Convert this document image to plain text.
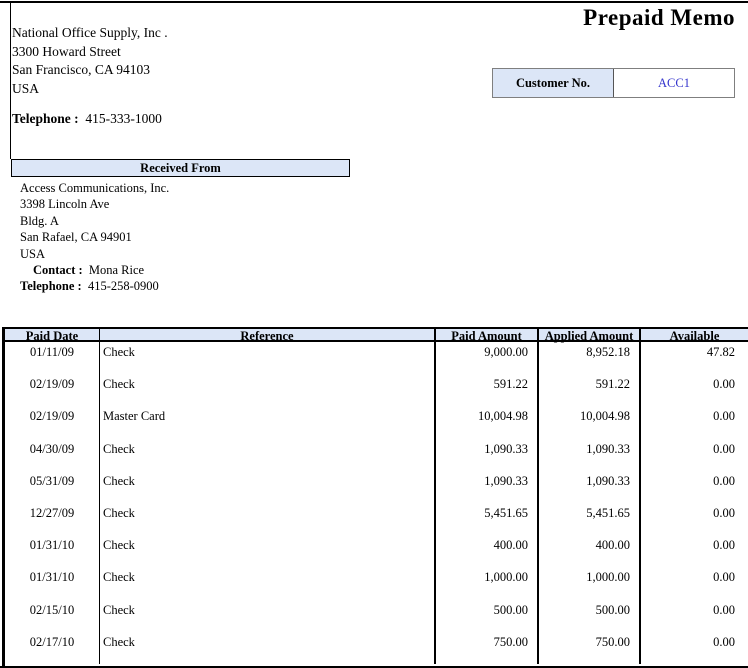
Prepaid Memo
National Office Supply, Inc .
3300 Howard Street
San Francisco, CA 94103
USA
Telephone : 415-333-1000
Customer No.	ACC1
Received From
Access Communications, Inc.
3398 Lincoln Ave
Bldg. A
San Rafael, CA 94901
USA
Contact : Mona Rice
Telephone : 415-258-0900
Paid Date	Reference	Paid Amount	Applied Amount	Available
01/11/09	Check	9,000.00	8,952.18	47.82
02/19/09	Check	591.22	591.22	0.00
02/19/09	Master Card	10,004.98	10,004.98	0.00
04/30/09	Check	1,090.33	1,090.33	0.00
05/31/09	Check	1,090.33	1,090.33	0.00
12/27/09	Check	5,451.65	5,451.65	0.00
01/31/10	Check	400.00	400.00	0.00
01/31/10	Check	1,000.00	1,000.00	0.00
02/15/10	Check	500.00	500.00	0.00
02/17/10	Check	750.00	750.00	0.00
